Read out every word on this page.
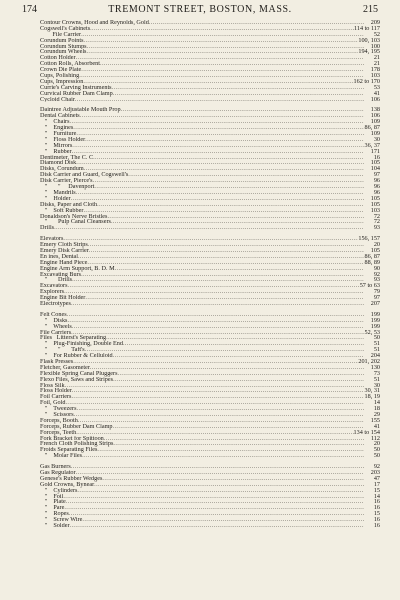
174	TREMONT STREET, BOSTON, MASS.	215
Contour Crowns, Hood and Reynolds, Gold .....	209
Cogswell's Cabinets .....	114 to 117
File Carrier .....	52
Corundum Points .....	100, 103
Corundum Stumps .....	100
Corundum Wheels .....	194, 195
Cotton Holder .....	21
Cotton Rolls, Absorbent .....	21
Crown Die Plate .....	178
Cups, Polishing .....	103
Cups, Impression .....	162 to 170
Currie's Carving Instruments .....	53
Curvical Rubber Dam Clamp .....	41
Cycloid Chair .....	106
Daintree Adjustable Mouth Prop .....	138
Dental Cabinets .....	106
"    Chairs .....	109
"    Engines .....	86, 87
"    Furniture .....	109
"    Floss Holder .....	30
"    Mirrors .....	36, 37
"    Rubber .....	171
Dentimeter, The C. C .....	16
Diamond Disk .....	105
Disks, Corundum .....	104
Disk Carrier and Guard, Cogswell's .....	97
Disk Carrier, Pierce's .....	96
"       "     Davenport .....	96
"    Mandrils .....	96
"    Holder .....	105
Disks, Paper and Cloth .....	105
"    Soft Rubber .....	103
Donaldson's Nerve Bristles .....	72
"       Pulp Canal Cleansers .....	72
Drills .....	93
Elevators .....	156, 157
Emery Cloth Strips .....	20
Emery Disk Carrier .....	105
En ines, Dental .....	86, 87
Engine Hand Piece .....	88, 89
Engine Arm Support, B. D. M .....	90
Excavating Burs .....	92
"       Drills .....	93
Excavators .....	57 to 63
Explorers .....	79
Engine Bit Holder .....	97
Electrotypes .....	207
Felt Cones .....	199
"    Disks .....	199
"    Wheels .....	199
File Carriers .....	52, 53
Files   Litterst's Separating .....	50
"    Plug-Finishing, Double End .....	51
"       "       Taft's .....	51
"    For Rubber & Celluloid .....	204
Flask Presses .....	201, 202
Fletcher, Gasometer .....	130
Flexible Spring Canal Pluggers .....	73
Flexo Files, Saws and Stripes .....	51
Floss Silk .....	30
Floss Holder .....	30, 31
Foil Carriers .....	18, 19
Foil, Gold .....	14
"    Tweezers .....	18
"    Scissors .....	29
Forceps, Booth .....	155
Forceps, Rubber Dam Clamp .....	41
Forceps, Teeth .....	134 to 154
Fork Bracket for Spittoon .....	112
French Cloth Polishing Strips .....	20
Froids Separating Files .....	50
"    Molar Files .....	50
Gas Burners .....	92
Gas Regulator .....	203
Genese's Rubber Wedges .....	47
Gold Crowns, Bynear .....	17
"    Cylinders .....	15
"    Foil .....	14
"    Plate .....	16
"    Pare .....	16
"    Ropes .....	15
"    Screw Wire .....	16
"    Solder .....	16
